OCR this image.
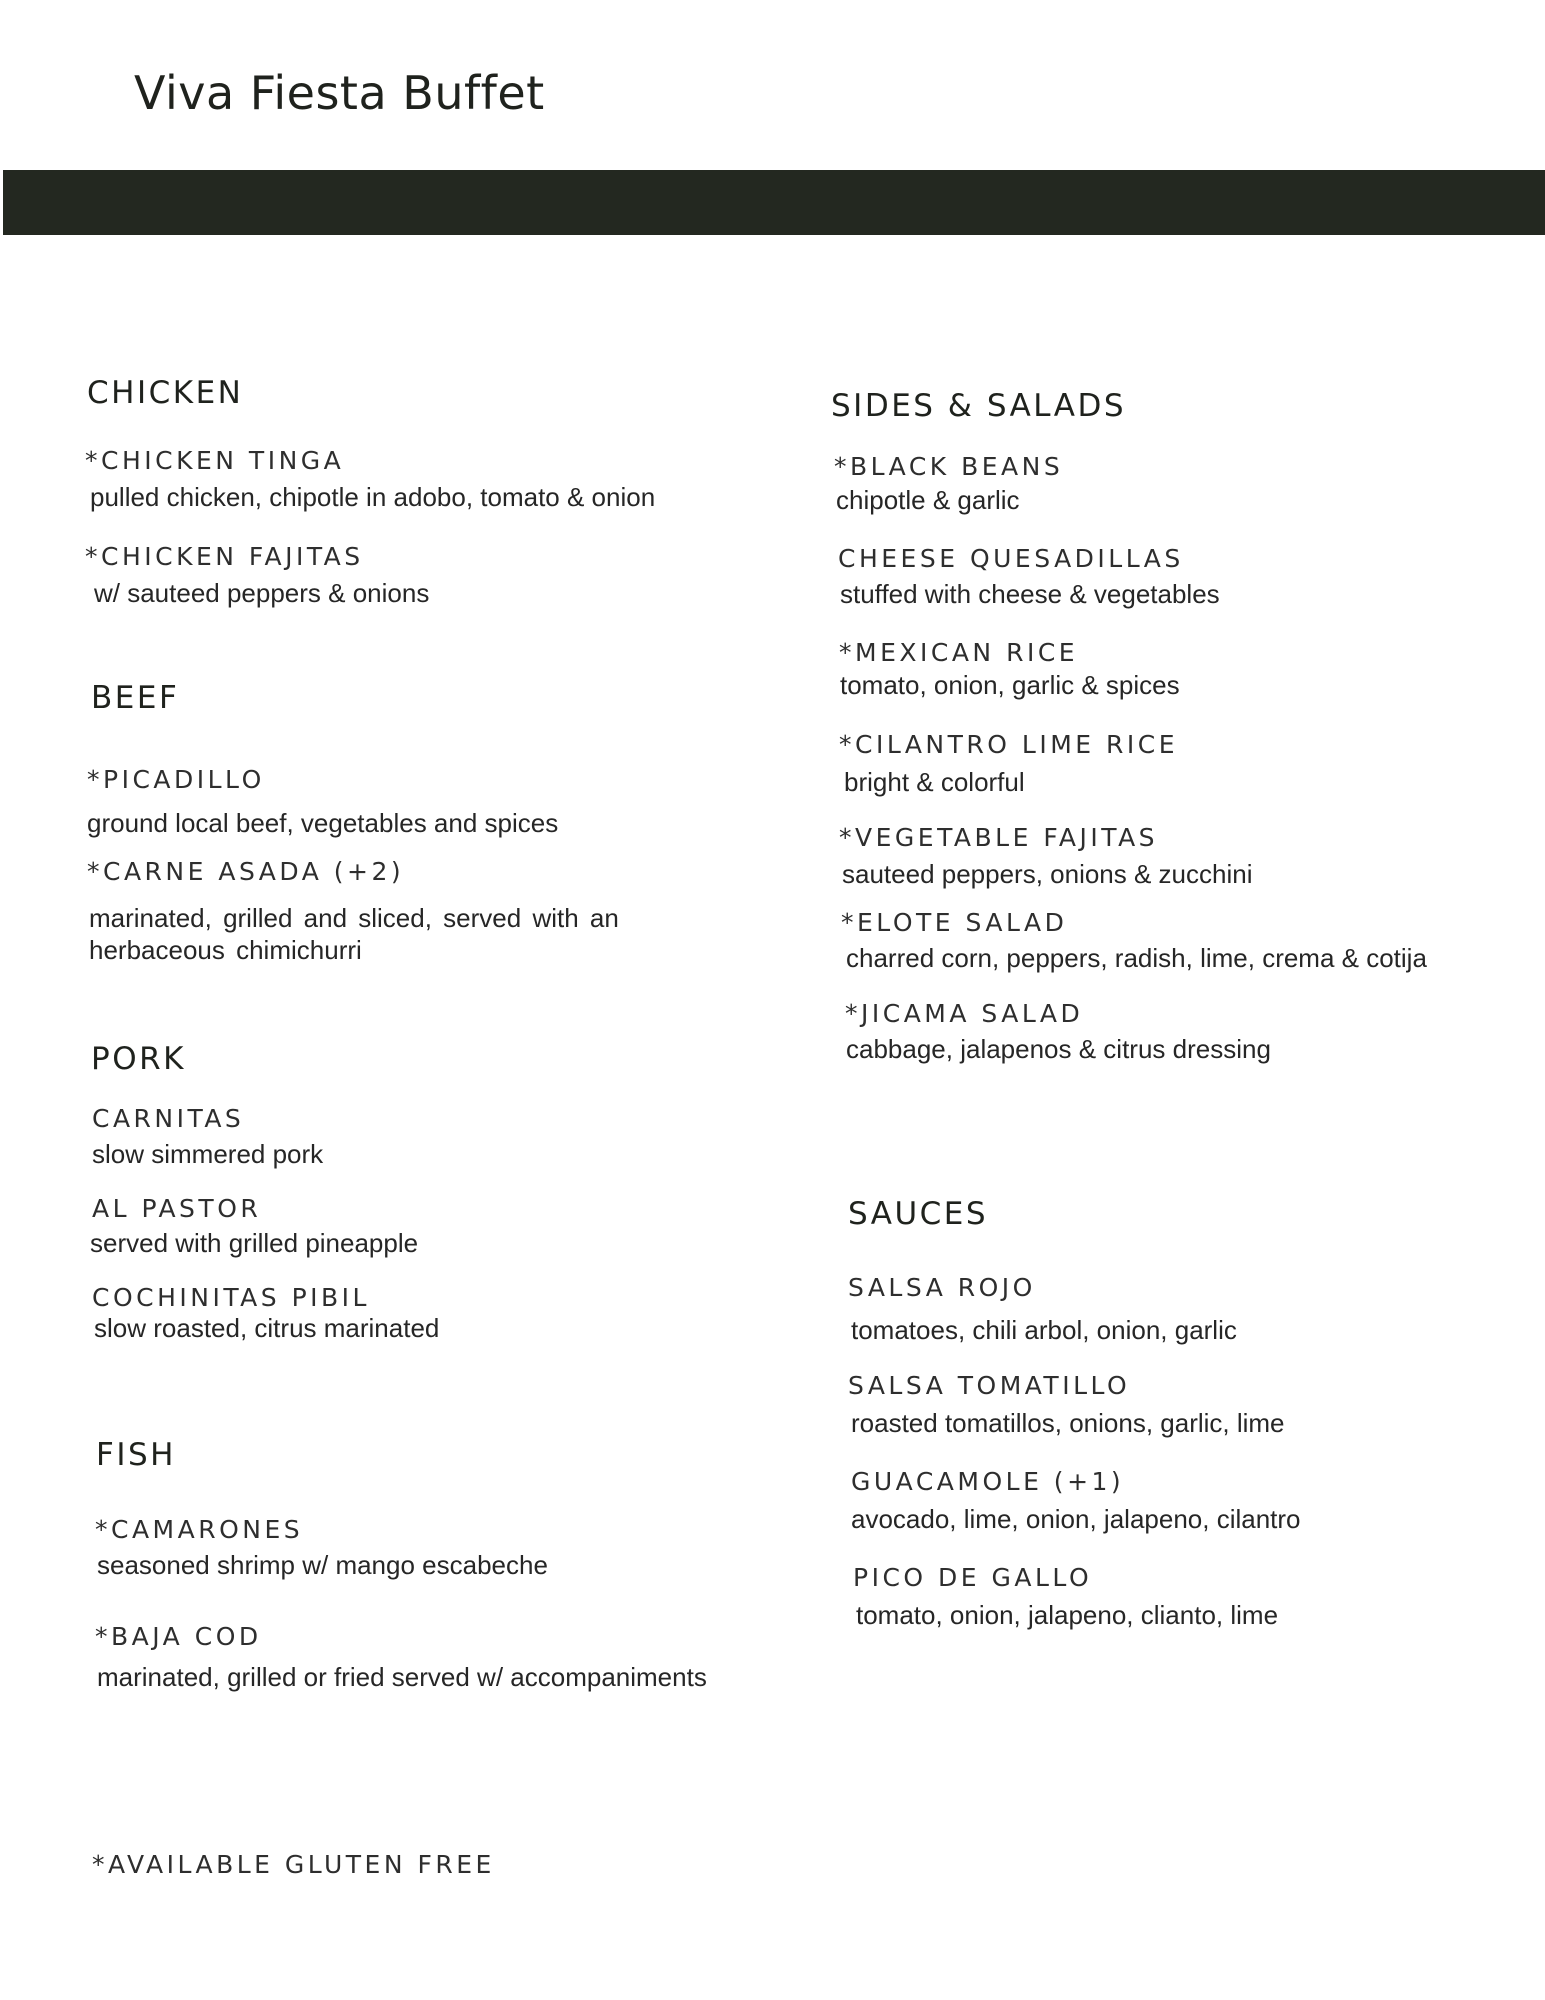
Viva Fiesta Buffet
CHICKEN
*CHICKEN TINGA
pulled chicken, chipotle in adobo, tomato & onion
*CHICKEN FAJITAS
w/ sauteed peppers & onions
BEEF
*PICADILLO
ground local beef, vegetables and spices
*CARNE ASADA (+2)
marinated, grilled and sliced, served with an herbaceous chimichurri
PORK
CARNITAS
slow simmered pork
AL PASTOR
served with grilled pineapple
COCHINITAS PIBIL
slow roasted, citrus marinated
FISH
*CAMARONES
seasoned shrimp w/ mango escabeche
*BAJA COD
marinated, grilled or fried served w/ accompaniments
SIDES & SALADS
*BLACK BEANS
chipotle & garlic
CHEESE QUESADILLAS
stuffed with cheese & vegetables
*MEXICAN RICE
tomato, onion, garlic & spices
*CILANTRO LIME RICE
bright & colorful
*VEGETABLE FAJITAS
sauteed peppers, onions & zucchini
*ELOTE SALAD
charred corn, peppers, radish, lime, crema & cotija
*JICAMA SALAD
cabbage, jalapenos & citrus dressing
SAUCES
SALSA ROJO
tomatoes, chili arbol, onion, garlic
SALSA TOMATILLO
roasted tomatillos, onions, garlic, lime
GUACAMOLE (+1)
avocado, lime, onion, jalapeno, cilantro
PICO DE GALLO
tomato, onion, jalapeno, clianto, lime
*AVAILABLE GLUTEN FREE
